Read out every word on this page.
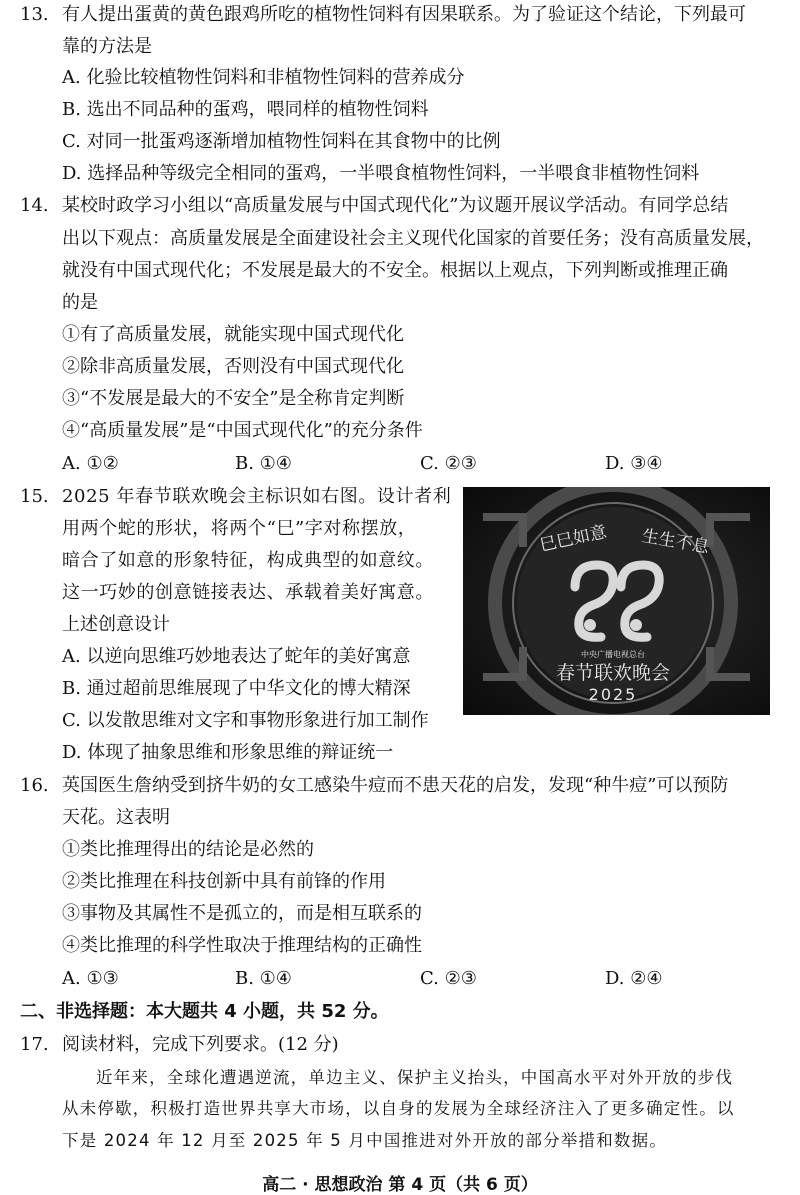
13. 有人提出蛋黄的黄色跟鸡所吃的植物性饲料有因果联系。为了验证这个结论，下列最可
靠的方法是
A. 化验比较植物性饲料和非植物性饲料的营养成分
B. 选出不同品种的蛋鸡，喂同样的植物性饲料
C. 对同一批蛋鸡逐渐增加植物性饲料在其食物中的比例
D. 选择品种等级完全相同的蛋鸡，一半喂食植物性饲料，一半喂食非植物性饲料
14. 某校时政学习小组以“高质量发展与中国式现代化”为议题开展议学活动。有同学总结
出以下观点：高质量发展是全面建设社会主义现代化国家的首要任务；没有高质量发展，
就没有中国式现代化；不发展是最大的不安全。根据以上观点，下列判断或推理正确
的是
①有了高质量发展，就能实现中国式现代化
②除非高质量发展，否则没有中国式现代化
③“不发展是最大的不安全”是全称肯定判断
④“高质量发展”是“中国式现代化”的充分条件
A. ①②	B. ①④	C. ②③	D. ③④
15. 2025 年春节联欢晚会主标识如右图。设计者利
用两个蛇的形状，将两个“巳”字对称摆放，
暗合了如意的形象特征，构成典型的如意纹。
这一巧妙的创意链接表达、承载着美好寓意。
上述创意设计
A. 以逆向思维巧妙地表达了蛇年的美好寓意
B. 通过超前思维展现了中华文化的博大精深
C. 以发散思维对文字和事物形象进行加工制作
D. 体现了抽象思维和形象思维的辩证统一
巳巳如意 生生不息
中央广播电视总台
春节联欢晚会
2025
16. 英国医生詹纳受到挤牛奶的女工感染牛痘而不患天花的启发，发现“种牛痘”可以预防
天花。这表明
①类比推理得出的结论是必然的
②类比推理在科技创新中具有前锋的作用
③事物及其属性不是孤立的，而是相互联系的
④类比推理的科学性取决于推理结构的正确性
A. ①③	B. ①④	C. ②③	D. ②④
二、非选择题：本大题共 4 小题，共 52 分。
17. 阅读材料，完成下列要求。(12 分)
近年来，全球化遭遇逆流，单边主义、保护主义抬头，中国高水平对外开放的步伐
从未停歇，积极打造世界共享大市场，以自身的发展为全球经济注入了更多确定性。以
下是 2024 年 12 月至 2025 年 5 月中国推进对外开放的部分举措和数据。
高二 · 思想政治 第 4 页（共 6 页）
